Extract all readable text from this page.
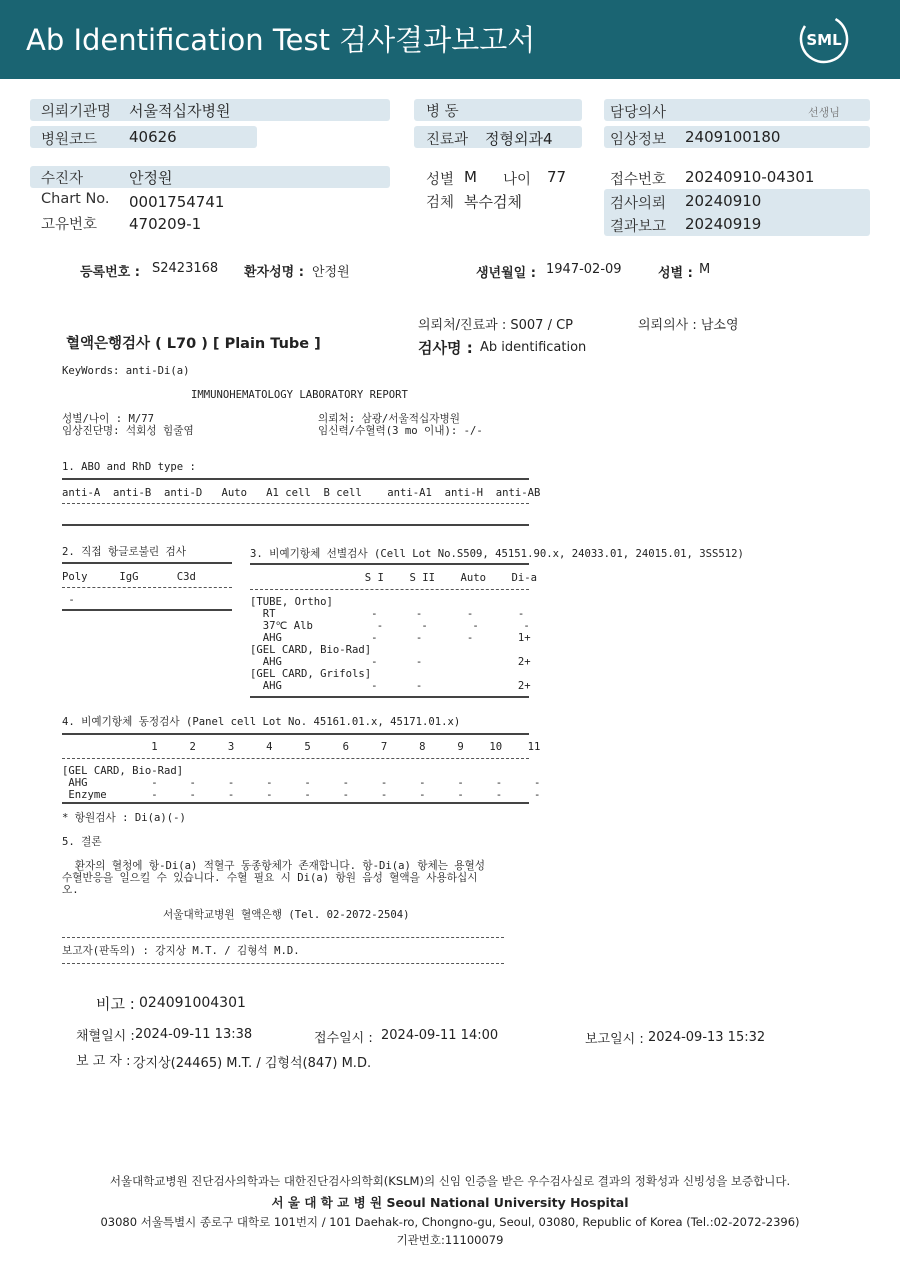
Ab Identification Test 검사결과보고서	SML
의뢰기관명 서울적십자병원
병원코드 40626
병 동
진료과 정형외과4
담당의사	선생님
임상정보 2409100180
수진자	안정원
Chart No. 0001754741
고유번호 470209-1
성별 M 나이 77
검체 복수검체
접수번호 20240910-04301
검사의뢰 20240910
결과보고 20240919
등록번호 : S2423168 환자성명 : 안정원	생년월일 : 1947-02-09	성별 : M
의뢰처/진료과 : S007 / CP	의뢰의사 : 남소영
혈액은행검사 ( L70 ) [ Plain Tube ]	검사명 : Ab identification
KeyWords: anti-Di(a)
IMMUNOHEMATOLOGY LABORATORY REPORT
성별/나이 : M/77
임상진단명: 석회성 힘줄염
의뢰처: 삼광/서울적십자병원
임신력/수혈력(3 mo 이내): -/-
1. ABO and RhD type :
anti-A  anti-B  anti-D   Auto   A1 cell  B cell    anti-A1  anti-H  anti-AB
2. 직접 항글로불린 검사
Poly     IgG      C3d
-
3. 비예기항체 선별검사 (Cell Lot No.S509, 45151.90.x, 24033.01, 24015.01, 3SS512)
S I    S II    Auto    Di-a
[TUBE, Ortho]
RT               -      -       -       -
37℃ Alb          -      -       -       -
AHG              -      -       -       1+
[GEL CARD, Bio-Rad]
AHG              -      -               2+
[GEL CARD, Grifols]
AHG              -      -               2+
4. 비예기항체 동정검사 (Panel cell Lot No. 45161.01.x, 45171.01.x)
1     2     3     4     5     6     7     8     9    10    11
[GEL CARD, Bio-Rad]
AHG          -     -     -     -     -     -     -     -     -     -     -
Enzyme       -     -     -     -     -     -     -     -     -     -     -
* 항원검사 : Di(a)(-)
5. 결론
환자의 혈청에 항-Di(a) 적혈구 동종항체가 존재합니다. 항-Di(a) 항체는 용혈성
수혈반응을 일으킬 수 있습니다. 수혈 필요 시 Di(a) 항원 음성 혈액을 사용하십시
오.
서울대학교병원 혈액은행 (Tel. 02-2072-2504)
보고자(판독의) : 강지상 M.T. / 김형석 M.D.
비고 : 024091004301
채혈일시 : 2024-09-11 13:38	접수일시 : 2024-09-11 14:00	보고일시 : 2024-09-13 15:32
보 고 자 : 강지상(24465) M.T. / 김형석(847) M.D.
서울대학교병원 진단검사의학과는 대한진단검사의학회(KSLM)의 신임 인증을 받은 우수검사실로 결과의 정확성과 신빙성을 보증합니다.
서 울 대 학 교 병 원 Seoul National University Hospital
03080 서울특별시 종로구 대학로 101번지 / 101 Daehak-ro, Chongno-gu, Seoul, 03080, Republic of Korea (Tel.:02-2072-2396)
기관번호:11100079
